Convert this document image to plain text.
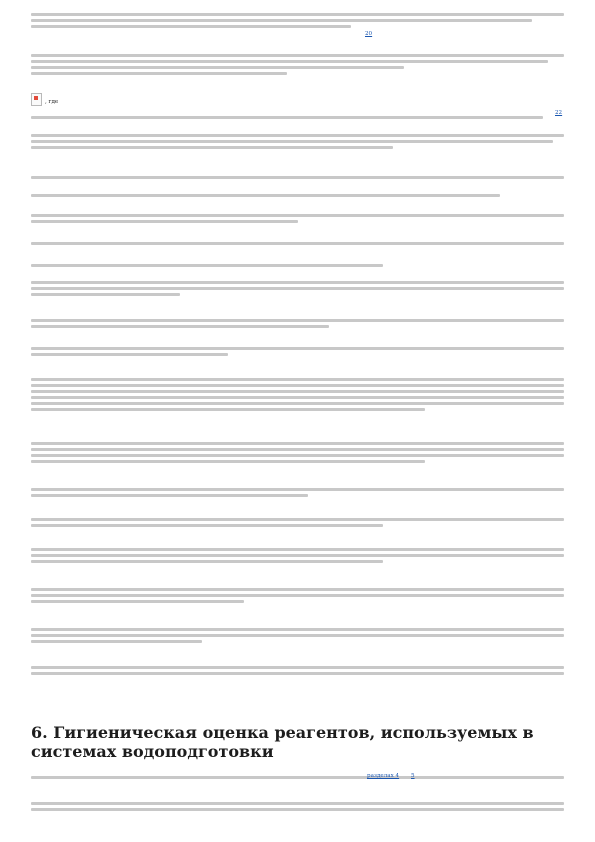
20
, где
22
6. Гигиеническая оценка реагентов, используемых в системах водоподготовки
разделах 4 5
